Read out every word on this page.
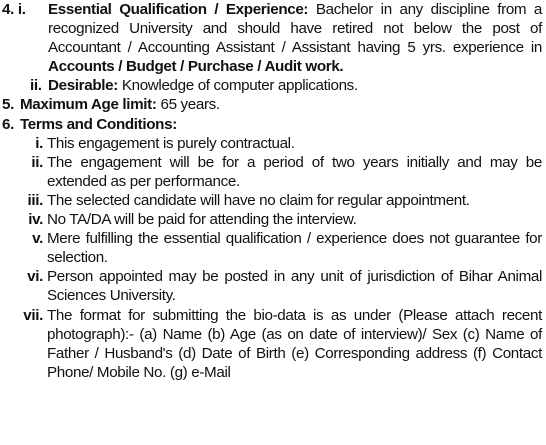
4. i.	Essential Qualification / Experience: Bachelor in any discipline from a recognized University and should have retired not below the post of Accountant / Accounting Assistant / Assistant having 5 yrs. experience in Accounts / Budget / Purchase / Audit work.
ii. Desirable: Knowledge of computer applications.
5. Maximum Age limit: 65 years.
6. Terms and Conditions:
i. This engagement is purely contractual.
ii. The engagement will be for a period of two years initially and may be extended as per performance.
iii. The selected candidate will have no claim for regular appointment.
iv. No TA/DA will be paid for attending the interview.
v. Mere fulfilling the essential qualification / experience does not guarantee for selection.
vi. Person appointed may be posted in any unit of jurisdiction of Bihar Animal Sciences University.
vii. The format for submitting the bio-data is as under (Please attach recent photograph):- (a) Name (b) Age (as on date of interview)/ Sex (c) Name of Father / Husband's (d) Date of Birth (e) Corresponding address (f) Contact Phone/ Mobile No. (g) e-Mail
